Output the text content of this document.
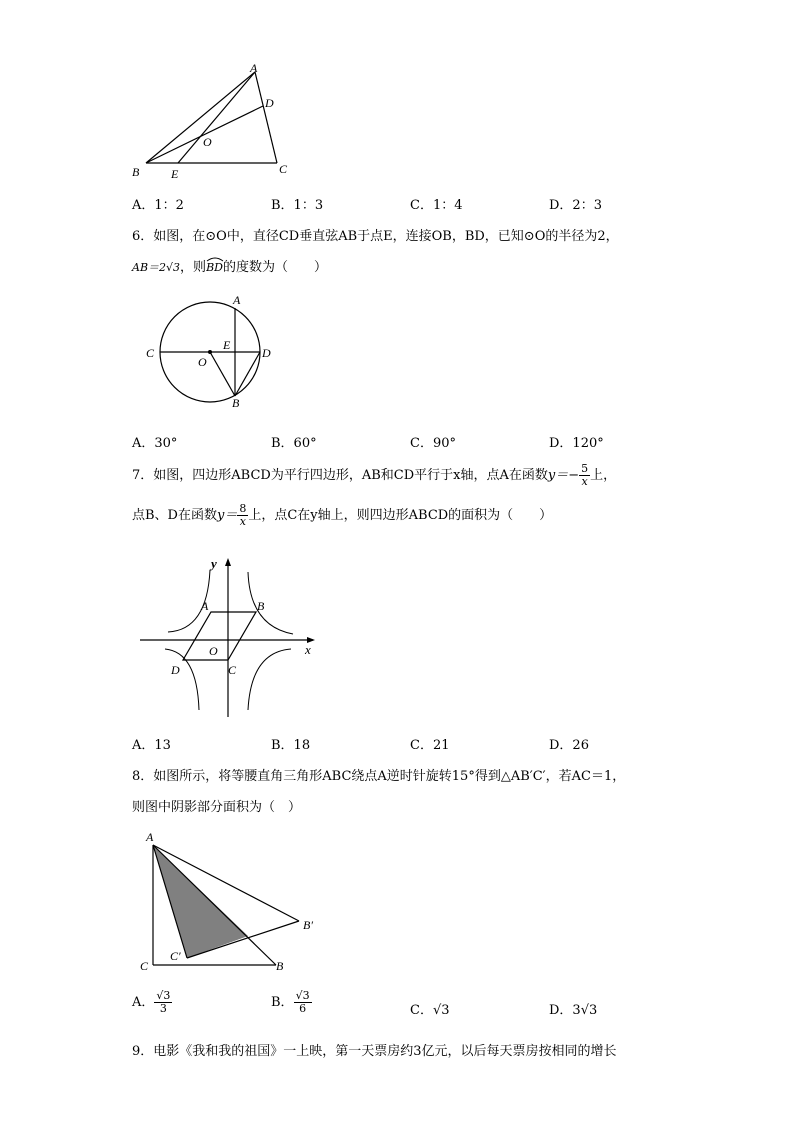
A
D
O
B	E	C
A．1：2	B．1：3	C．1：4	D．2：3
6．如图，在⊙O中，直径CD垂直弦AB于点E，连接OB，BD，已知⊙O的半径为2，
AB＝2√3，则
BD的度数为（　　）
A
C
O
E
D
B
A．30°	B．60°	C．90°	D．120°
7．如图，四边形ABCD为平行四边形，AB和CD平行于x轴，点A在函数$y=- \frac{5}{x}$ 上，
点B、D在函数$y= \frac{8}{x}$ 上，点C在y轴上，则四边形ABCD的面积为（　　）
y
x
A	B
O
C
D
A．13	B．18	C．21	D．26
8．如图所示，将等腰直角三角形ABC绕点A逆时针旋转15°得到△AB′C′，若AC＝1，
则图中阴影部分面积为（　）
A
C
C′
B
B′
A． $\frac{√3}{3}$	B． $\frac{√3}{6}$	C．√3	D．3√3
9．电影《我和我的祖国》一上映，第一天票房约3亿元，以后每天票房按相同的增长
